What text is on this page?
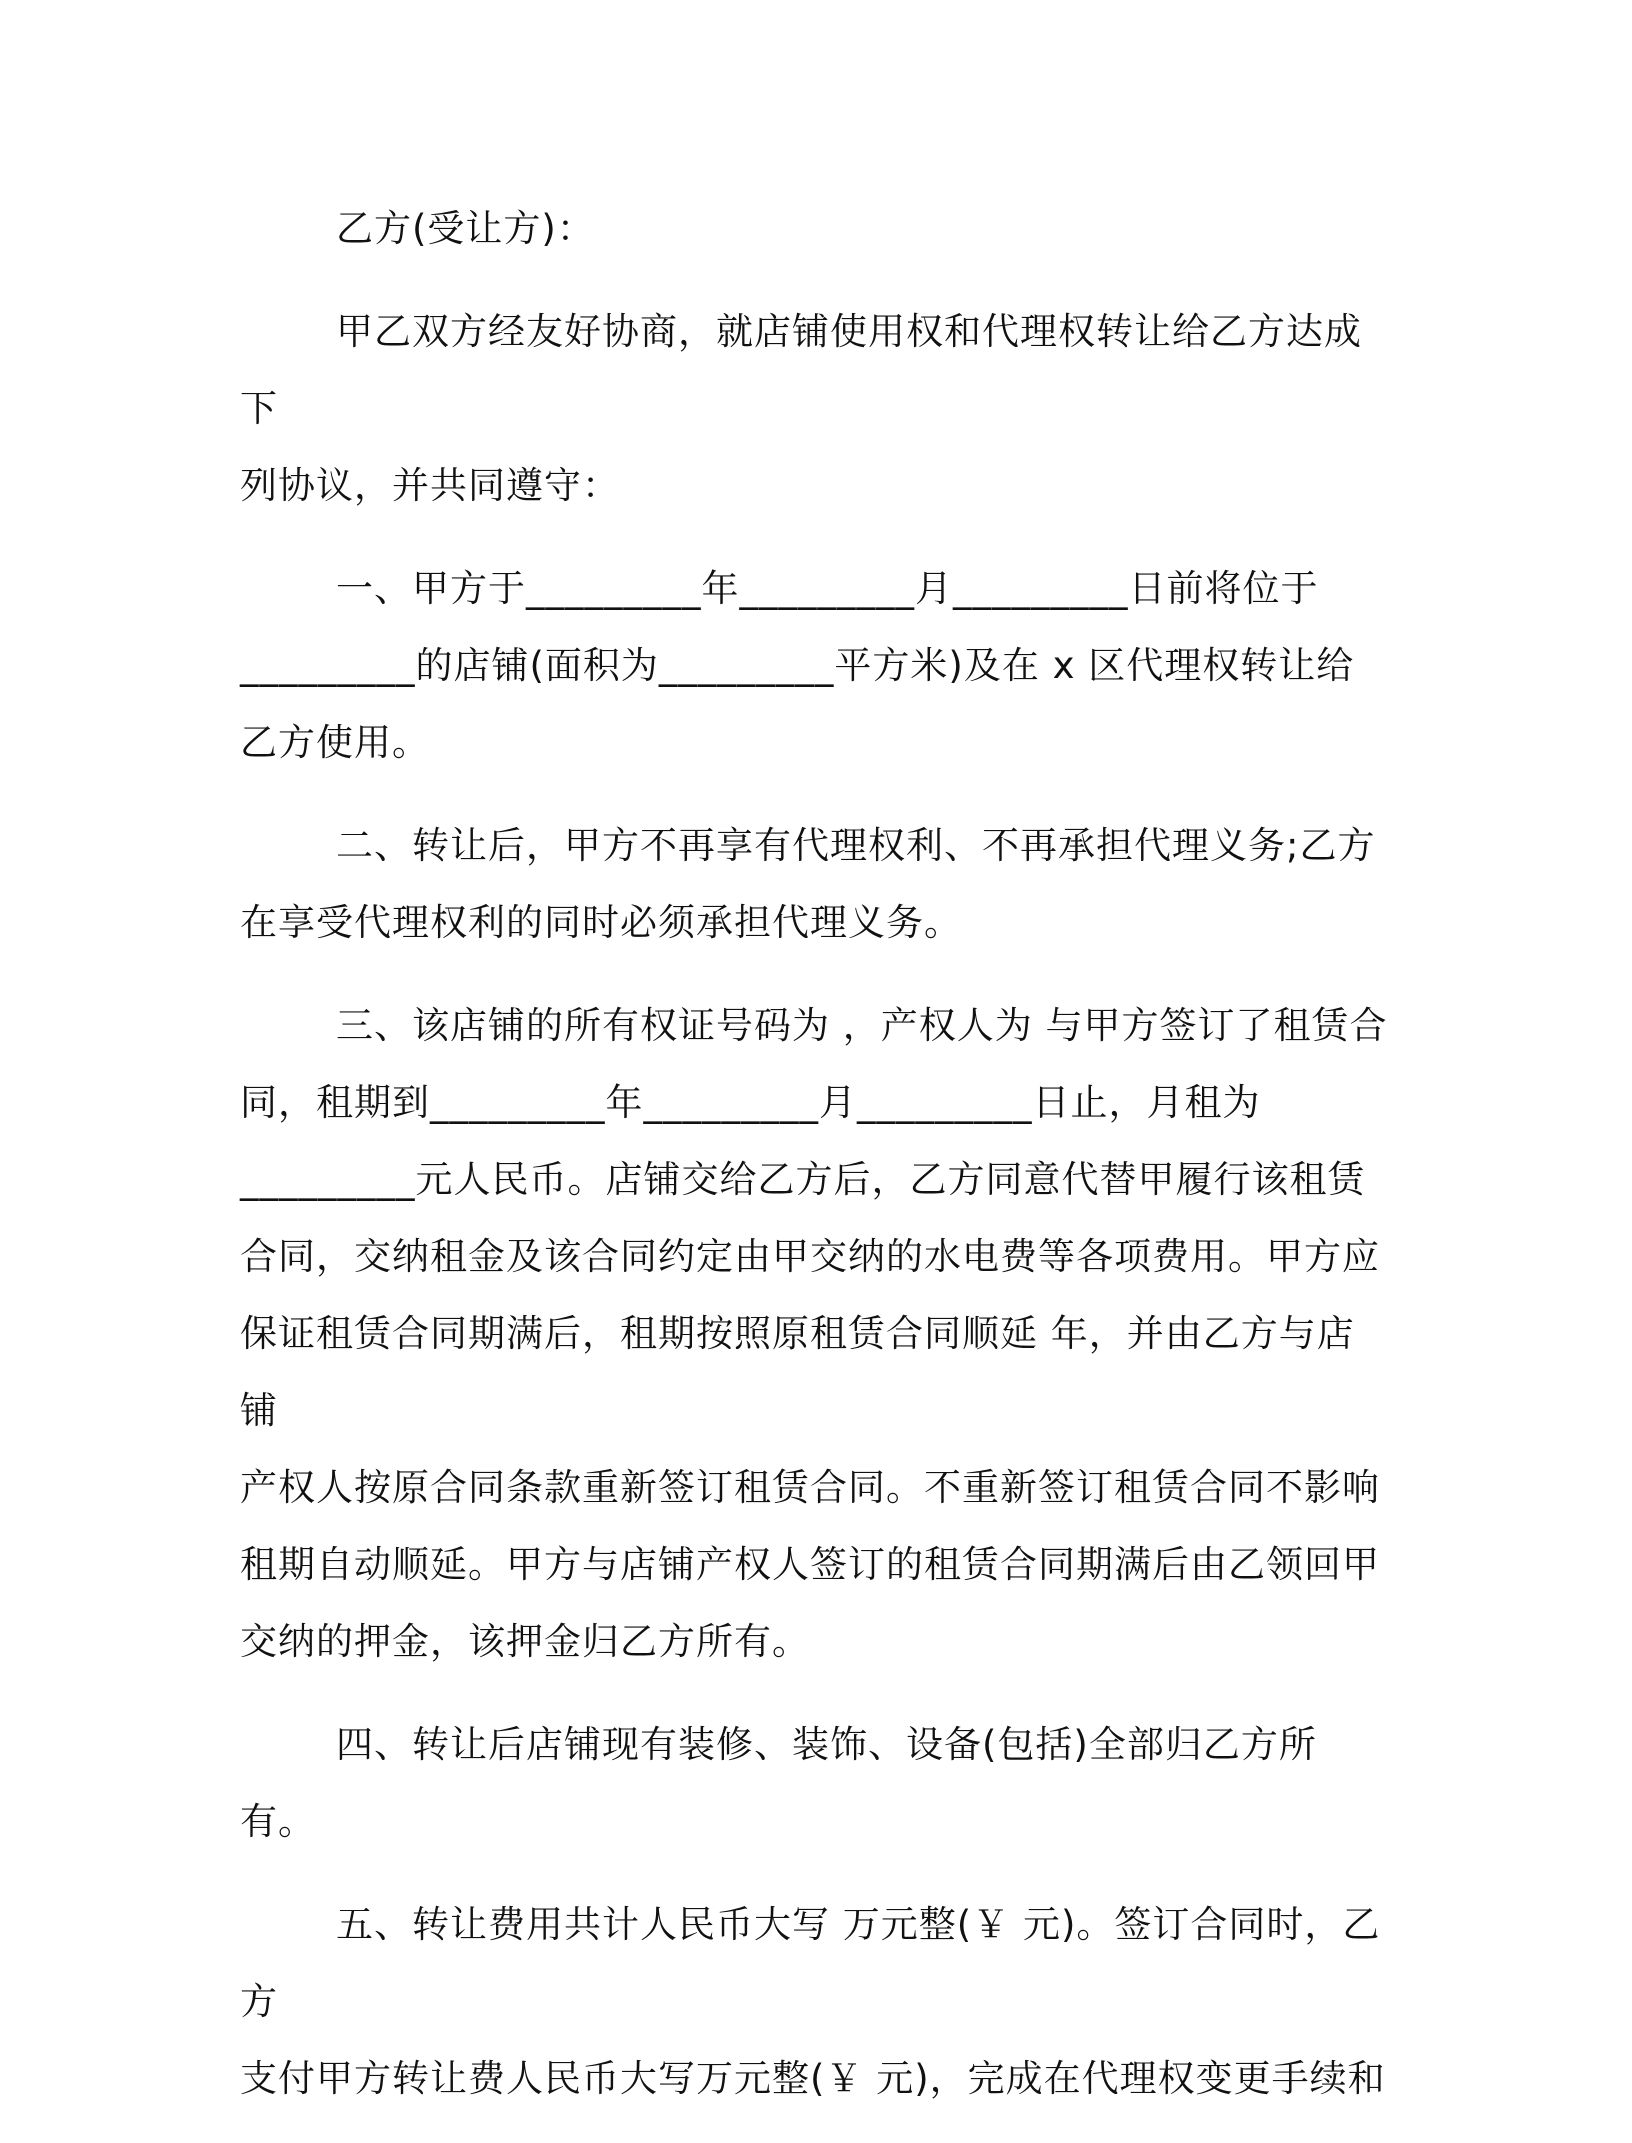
乙方(受让方)：
甲乙双方经友好协商，就店铺使用权和代理权转让给乙方达成下
列协议，并共同遵守：
一、甲方于_________年_________月_________日前将位于
_________的店铺(面积为_________平方米)及在 x 区代理权转让给
乙方使用。
二、转让后，甲方不再享有代理权利、不再承担代理义务;乙方
在享受代理权利的同时必须承担代理义务。
三、该店铺的所有权证号码为 ，产权人为 与甲方签订了租赁合
同，租期到_________年_________月_________日止，月租为
_________元人民币。店铺交给乙方后，乙方同意代替甲履行该租赁
合同，交纳租金及该合同约定由甲交纳的水电费等各项费用。甲方应
保证租赁合同期满后，租期按照原租赁合同顺延 年，并由乙方与店铺
产权人按原合同条款重新签订租赁合同。不重新签订租赁合同不影响
租期自动顺延。甲方与店铺产权人签订的租赁合同期满后由乙领回甲
交纳的押金，该押金归乙方所有。
四、转让后店铺现有装修、装饰、设备(包括)全部归乙方所有。
五、转让费用共计人民币大写 万元整(￥ 元)。签订合同时，乙方
支付甲方转让费人民币大写万元整(￥ 元)，完成在代理权变更手续和
